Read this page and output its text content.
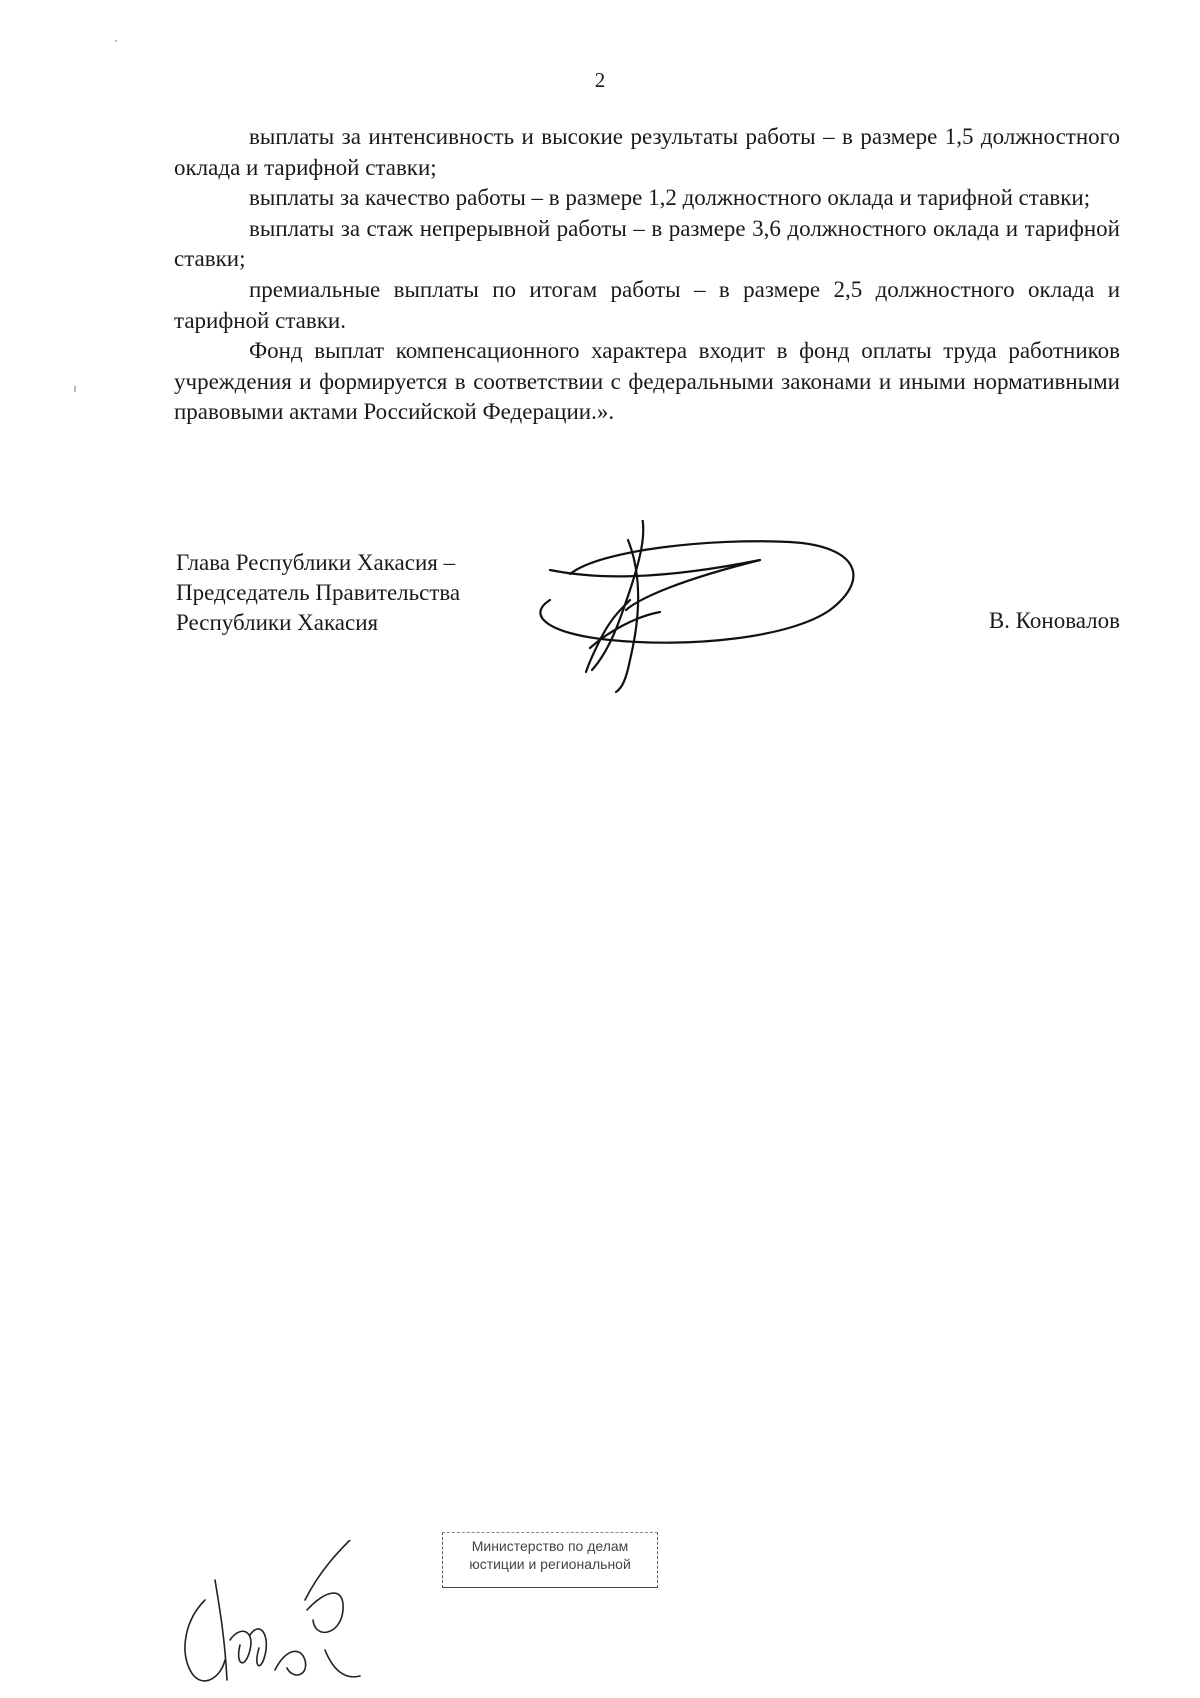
2

выплаты за интенсивность и высокие результаты работы – в размере 1,5 должностного оклада и тарифной ставки;

выплаты за качество работы – в размере 1,2 должностного оклада и тарифной ставки;

выплаты за стаж непрерывной работы – в размере 3,6 должностного оклада и тарифной ставки;

премиальные выплаты по итогам работы – в размере 2,5 должностного оклада и тарифной ставки.

Фонд выплат компенсационного характера входит в фонд оплаты труда работников учреждения и формируется в соответствии с федеральными законами и иными нормативными правовыми актами Российской Федерации.».

Глава Республики Хакасия –
Председатель Правительства
Республики Хакасия	В. Коновалов
Министерство по делам
юстиции и региональной
